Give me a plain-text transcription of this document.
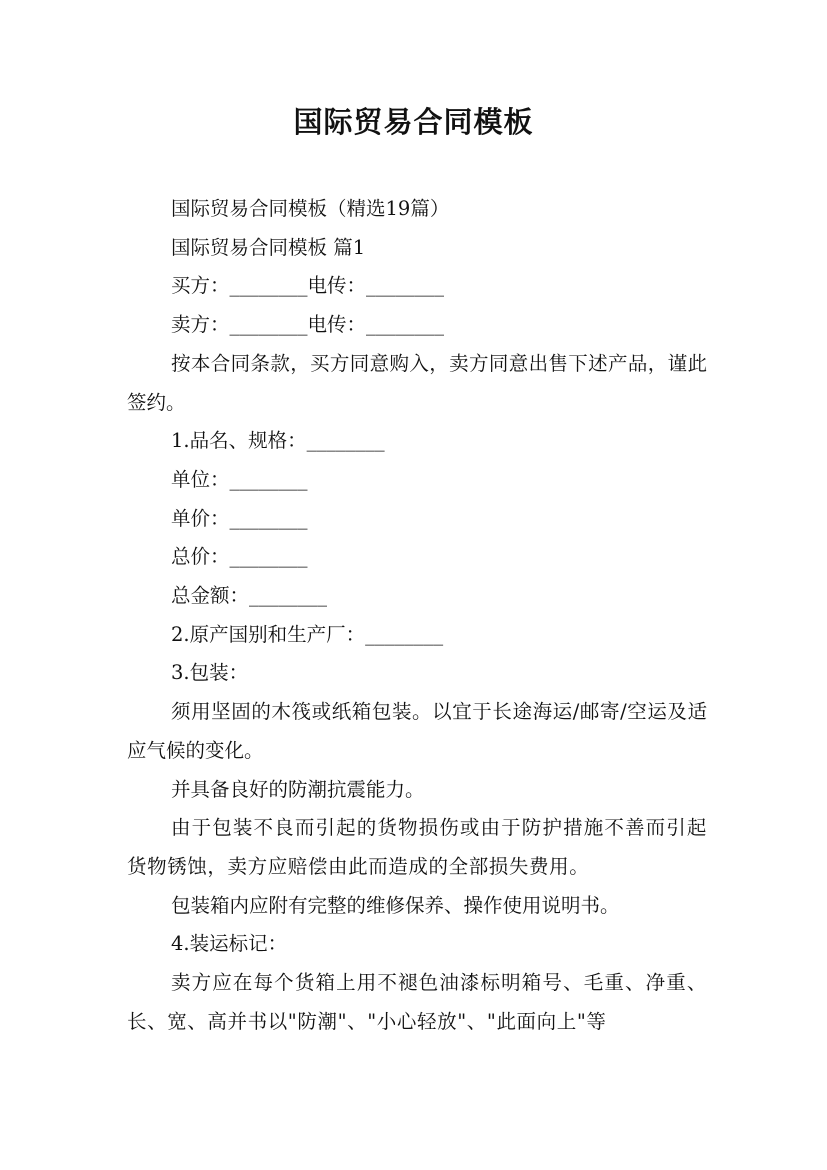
国际贸易合同模板

国际贸易合同模板（精选19篇）

国际贸易合同模板 篇1

买方：________电传：________

卖方：________电传：________

按本合同条款，买方同意购入，卖方同意出售下述产品，谨此签约。

1.品名、规格：________

单位：________

单价：________

总价：________

总金额：________

2.原产国别和生产厂：________

3.包装：

须用坚固的木筏或纸箱包装。以宜于长途海运/邮寄/空运及适应气候的变化。

并具备良好的防潮抗震能力。

由于包装不良而引起的货物损伤或由于防护措施不善而引起货物锈蚀，卖方应赔偿由此而造成的全部损失费用。

包装箱内应附有完整的维修保养、操作使用说明书。

4.装运标记：

卖方应在每个货箱上用不褪色油漆标明箱号、毛重、净重、长、宽、高并书以"防潮"、"小心轻放"、"此面向上"等
